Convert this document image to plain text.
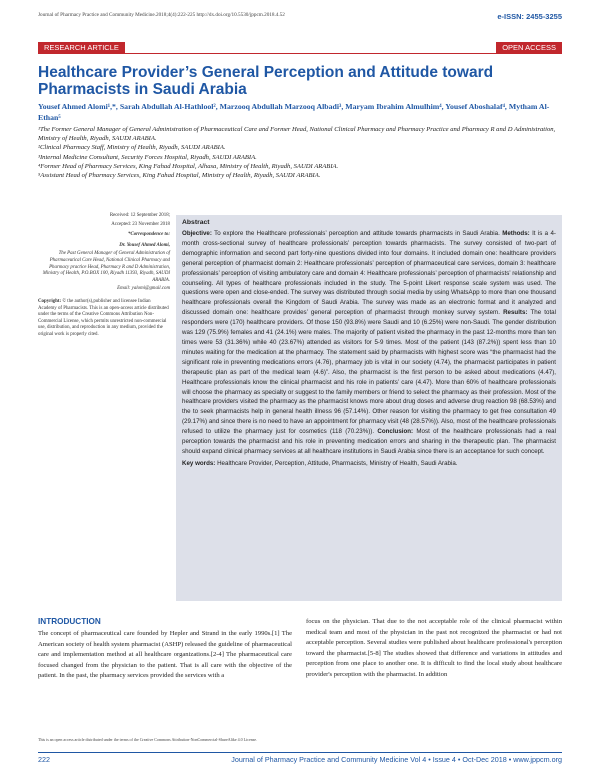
Journal of Pharmacy Practice and Community Medicine.2018;4(4):222-225 http://dx.doi.org/10.5530/jppcm.2018.4.52	e-ISSN: 2455-3255
RESEARCH ARTICLE	OPEN ACCESS
Healthcare Provider’s General Perception and Attitude toward Pharmacists in Saudi Arabia
Yousef Ahmed Alomi¹,*, Sarah Abdullah Al-Hathlool², Marzooq Abdullah Marzooq Albadi³, Maryam Ibrahim Almulhim⁴, Yousef Aboshalaf⁴, Mytham Al-Ethan⁵
¹The Former General Manager of General Administration of Pharmaceutical Care and Former Head, National Clinical Pharmacy and Pharmacy Practice and Pharmacy R and D Administration, Ministry of Health, Riyadh, SAUDI ARABIA.
²Clinical Pharmacy Staff, Ministry of Health, Riyadh, SAUDI ARABIA.
³Internal Medicine Consultant, Security Forces Hospital, Riyadh, SAUDI ARABIA.
⁴Former Head of Pharmacy Services, King Fahad Hospital, Alhasa, Ministry of Health, Riyadh, SAUDI ARABIA.
⁵Assistant Head of Pharmacy Services, King Fahad Hospital, Ministry of Health, Riyadh, SAUDI ARABIA.

Received: 12 September 2018;

Accepted: 23 November 2018

*Correspondence to:

Dr. Yousef Ahmed Alomi,

The Past General Manager of General Administration of Pharmaceutical Care Head, National Clinical Pharmacy and Pharmacy practice Head, Pharmacy R and D Administration, Ministry of Health, P.O.BOX 100, Riyadh 11393, Riyadh, SAUDI ARABIA.

Email: yalomi@gmail.com

Copyright: © the author(s),publisher and licensee Indian Academy of Pharmacists. This is an open-access article distributed under the terms of the Creative Commons Attribution Non-Commercial License, which permits unrestricted non-commercial use, distribution, and reproduction in any medium, provided the original work is properly cited.

Abstract
Objective: To explore the Healthcare professionals’ perception and attitude towards pharmacists in Saudi Arabia. Methods: It is a 4-month cross-sectional survey of healthcare professionals’ perception towards pharmacists. The survey consisted of two-part of demographic information and second part forty-nine questions divided into four domains. It included domain one: healthcare providers general perception of pharmacist domain 2: Healthcare professionals’ perception of pharmaceutical care services, domain 3: healthcare professionals’ perception of visiting ambulatory care and domain 4: Healthcare professionals’ perception of pharmacists’ relationship and counseling. All types of healthcare professionals included in the study. The 5-point Likert response scale system was used. The questions were open and close-ended. The survey was distributed through social media by using WhatsApp to more than one thousand healthcare professionals overall the Kingdom of Saudi Arabia. The survey was made as an electronic format and it analyzed and discussed domain one: healthcare provides’ general perception of pharmacist through monkey survey system. Results: The total responders were (170) healthcare providers. Of those 150 (93.8%) were Saudi and 10 (6.25%) were non-Saudi. The gender distribution was 129 (75.9%) females and 41 (24.1%) were males. The majority of patient visited the pharmacy in the past 12-months more than ten times were 53 (31.36%) while 40 (23.67%) attended as visitors for 5-9 times. Most of the patient (143 (87.2%)) spent less than 10 minutes waiting for the medication at the pharmacy. The statement said by pharmacists with highest score was “the pharmacist had the significant role in preventing medications errors (4.76), pharmacy job is vital in our society (4.74), the pharmacist participates in patient therapeutic plan as part of the medical team (4.6)”. Also, the pharmacist is the first person to be asked about medications (4.47), Healthcare professionals know the clinical pharmacist and his role in patients’ care (4.47). More than 60% of healthcare professionals will choose the pharmacy as specialty or suggest to the family members or friend to select the pharmacy as their profession. Most of the healthcare providers visited the pharmacy as the pharmacist knows more about drug doses and adverse drug reaction 98 (68.53%) and the to seek pharmacists help in general health illness 96 (57.14%). Other reason for visiting the pharmacy to get free consultation 49 (29.17%) and since there is no need to have an appointment for pharmacy visit (48 (28.57%)). Also, most of the healthcare professionals refused to utilize the pharmacy just for cosmetics (118 (70.23%)). Conclusion: Most of the healthcare professionals had a real perception towards the pharmacist and his role in preventing medication errors and sharing in the therapeutic plan. The pharmacist should expand clinical pharmacy services at all healthcare institutions in Saudi Arabia since there is an acceptance for such concept.
Key words: Healthcare Provider, Perception, Attitude, Pharmacists, Ministry of Health, Saudi Arabia.
INTRODUCTION
The concept of pharmaceutical care founded by Hepler and Strand in the early 1990s.[1] The American society of health system pharmacist (ASHP) released the guideline of pharmaceutical care and implementation method at all healthcare organizations.[2-4] The pharmaceutical care focused changed from the physician to the patient. That is all care with the objective of the patient. In the past, the pharmacy services provided the services with a
focus on the physician. That due to the not acceptable role of the clinical pharmacist within medical team and most of the physician in the past not recognized the pharmacist or had not acceptable perception. Several studies were published about healthcare professional's perception toward the pharmacist.[5-8] The studies showed that difference and variations in attitudes and perception from one place to another one. It is difficult to find the local study about healthcare provider's perception with the pharmacist. In addition
This is an open access article distributed under the terms of the Creative Commons Attribution-NonCommercial-ShareAlike 4.0 License.
222	Journal of Pharmacy Practice and Community Medicine Vol 4 • Issue 4 • Oct-Dec 2018 • www.jppcm.org
